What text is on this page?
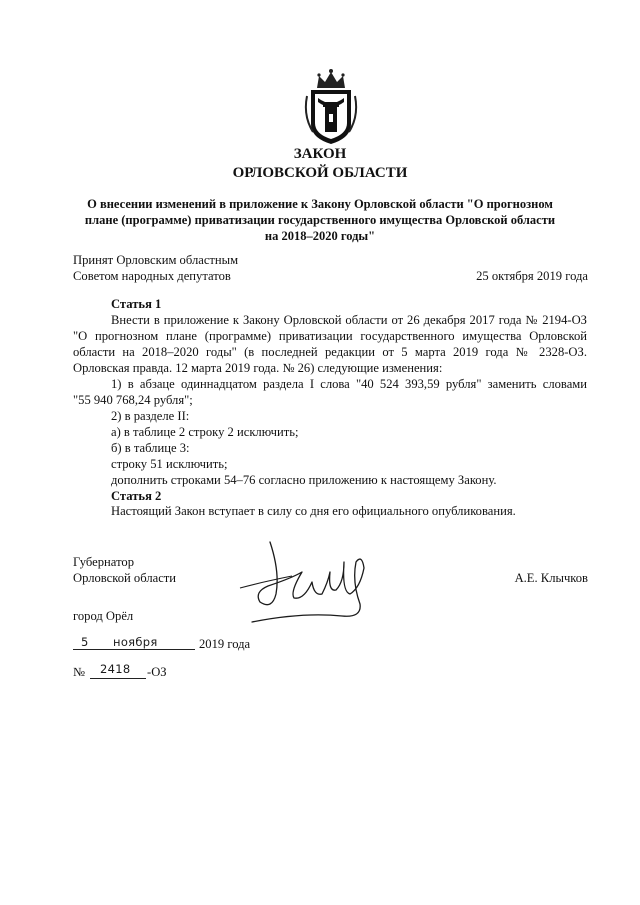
ЗАКОН
ОРЛОВСКОЙ ОБЛАСТИ
О внесении изменений в приложение к Закону Орловской области "О прогнозном
плане (программе) приватизации государственного имущества Орловской области
на 2018–2020 годы"
Принят Орловским областным
Советом народных депутатов	25 октября 2019 года
Статья 1
Внести в приложение к Закону Орловской области от 26 декабря 2017 года № 2194-ОЗ
"О прогнозном плане (программе) приватизации государственного имущества Орловской
области на 2018–2020 годы" (в последней редакции от 5 марта 2019 года № 2328-ОЗ.
Орловская правда. 12 марта 2019 года. № 26) следующие изменения:
1) в абзаце одиннадцатом раздела I слова "40 524 393,59 рубля" заменить словами
"55 940 768,24 рубля";
2) в разделе II:
а) в таблице 2 строку 2 исключить;
б) в таблице 3:
строку 51 исключить;
дополнить строками 54–76 согласно приложению к настоящему Закону.
Статья 2
Настоящий Закон вступает в силу со дня его официального опубликования.
Губернатор
Орловской области	А.Е. Клычков
город Орёл
5 ноября	2019 года
№ 2418 -ОЗ
